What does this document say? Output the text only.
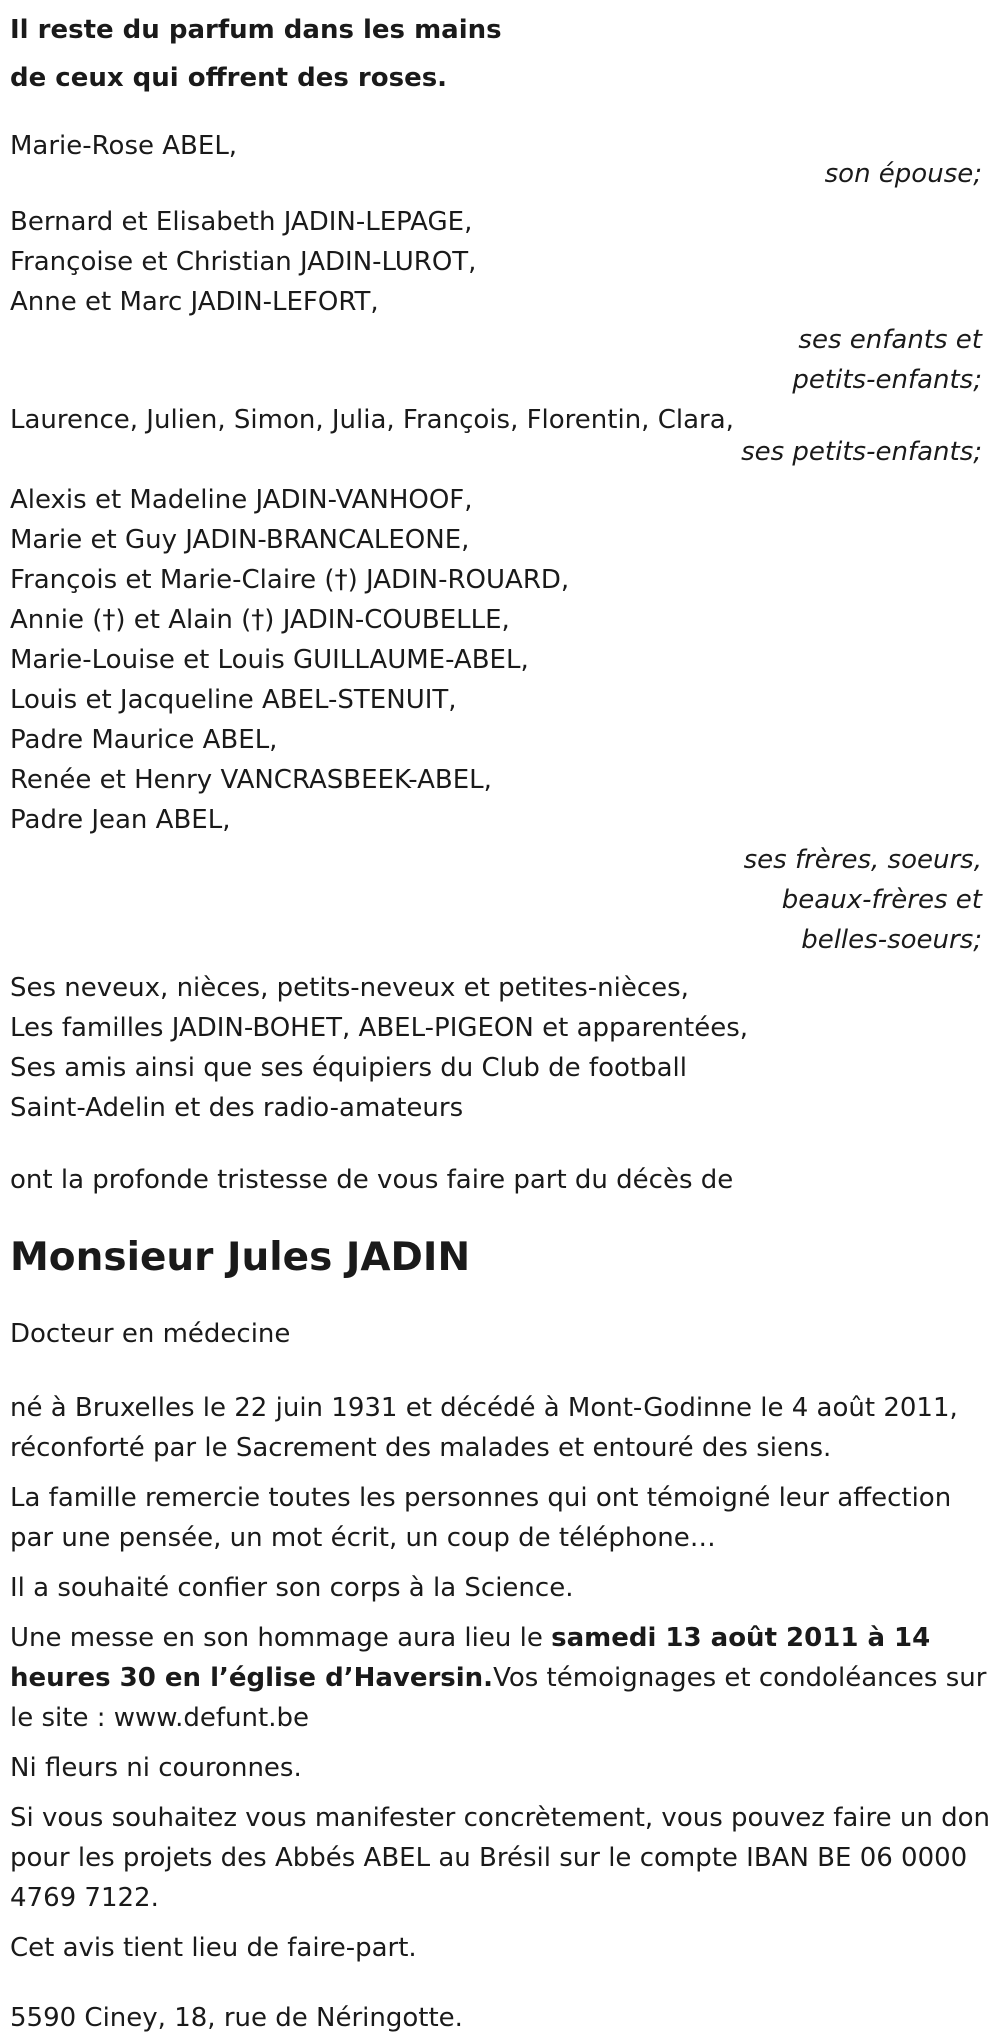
Il reste du parfum dans les mains
de ceux qui offrent des roses.
Marie-Rose ABEL,
son épouse;
Bernard et Elisabeth JADIN-LEPAGE,
Françoise et Christian JADIN-LUROT,
Anne et Marc JADIN-LEFORT,
ses enfants et
petits-enfants;
Laurence, Julien, Simon, Julia, François, Florentin, Clara,
ses petits-enfants;
Alexis et Madeline JADIN-VANHOOF,
Marie et Guy JADIN-BRANCALEONE,
François et Marie-Claire (†) JADIN-ROUARD,
Annie (†) et Alain (†) JADIN-COUBELLE,
Marie-Louise et Louis GUILLAUME-ABEL,
Louis et Jacqueline ABEL-STENUIT,
Padre Maurice ABEL,
Renée et Henry VANCRASBEEK-ABEL,
Padre Jean ABEL,
ses frères, soeurs,
beaux-frères et
belles-soeurs;
Ses neveux, nièces, petits-neveux et petites-nièces,
Les familles JADIN-BOHET, ABEL-PIGEON et apparentées,
Ses amis ainsi que ses équipiers du Club de football
Saint-Adelin et des radio-amateurs
ont la profonde tristesse de vous faire part du décès de
Monsieur Jules JADIN
Docteur en médecine
né à Bruxelles le 22 juin 1931 et décédé à Mont-Godinne le 4 août 2011, réconforté par le Sacrement des malades et entouré des siens.
La famille remercie toutes les personnes qui ont témoigné leur affection par une pensée, un mot écrit, un coup de téléphone…
Il a souhaité confier son corps à la Science.
Une messe en son hommage aura lieu le samedi 13 août 2011 à 14 heures 30 en l’église d’Haversin.Vos témoignages et condoléances sur le site : www.defunt.be
Ni fleurs ni couronnes.
Si vous souhaitez vous manifester concrètement, vous pouvez faire un don pour les projets des Abbés ABEL au Brésil sur le compte IBAN BE 06 0000 4769 7122.
Cet avis tient lieu de faire-part.
5590 Ciney, 18, rue de Néringotte.
